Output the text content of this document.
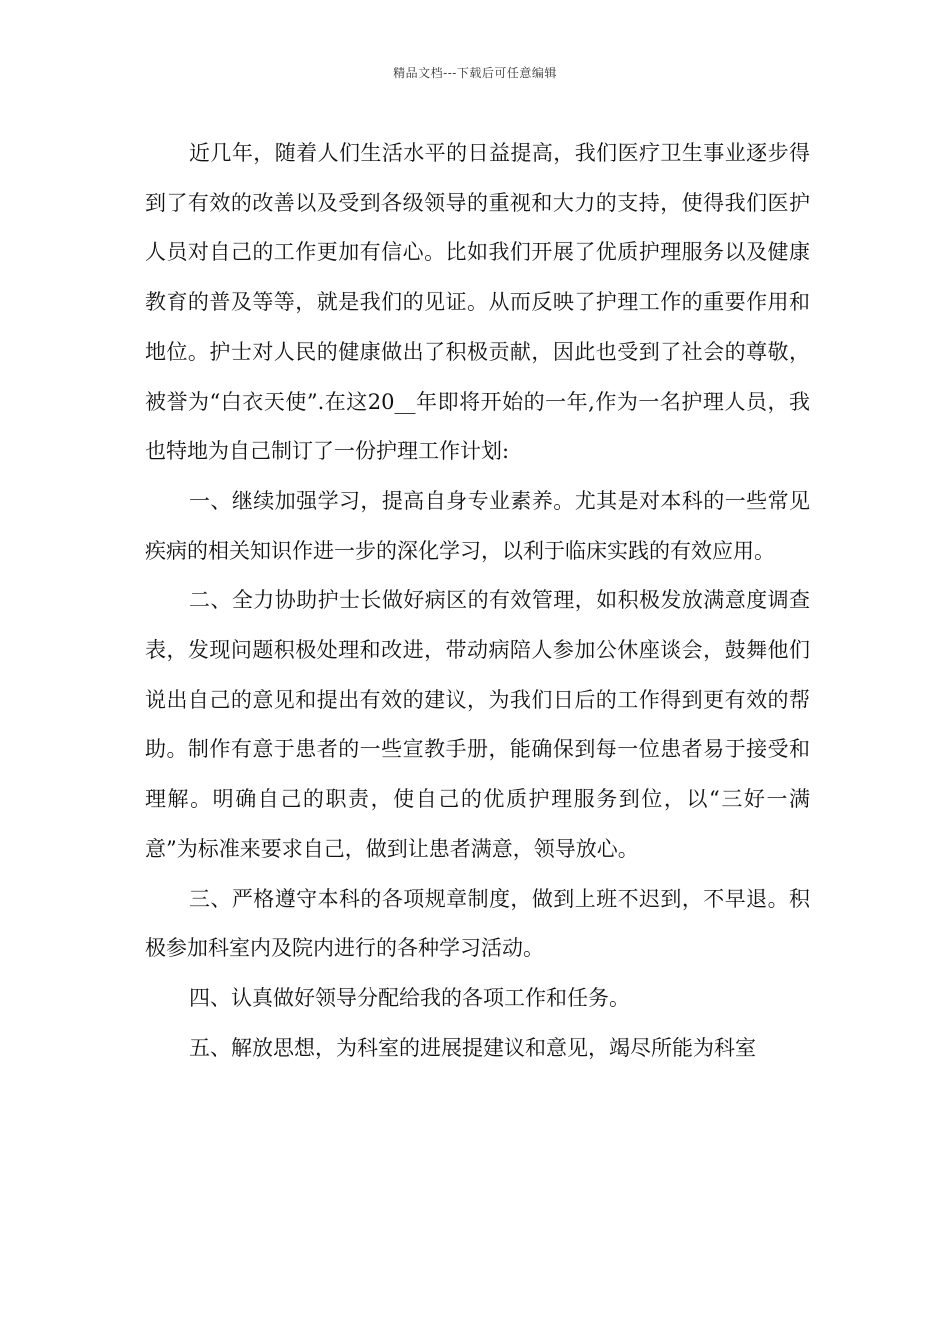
精品文档---下载后可任意编辑

近几年，随着人们生活水平的日益提高，我们医疗卫生事业逐步得到了有效的改善以及受到各级领导的重视和大力的支持，使得我们医护人员对自己的工作更加有信心。比如我们开展了优质护理服务以及健康教育的普及等等，就是我们的见证。从而反映了护理工作的重要作用和地位。护士对人民的健康做出了积极贡献，因此也受到了社会的尊敬，被誉为“白衣天使”.在这20__年即将开始的一年,作为一名护理人员，我也特地为自己制订了一份护理工作计划:

一、继续加强学习，提高自身专业素养。尤其是对本科的一些常见疾病的相关知识作进一步的深化学习，以利于临床实践的有效应用。

二、全力协助护士长做好病区的有效管理，如积极发放满意度调查表，发现问题积极处理和改进，带动病陪人参加公休座谈会，鼓舞他们说出自己的意见和提出有效的建议，为我们日后的工作得到更有效的帮助。制作有意于患者的一些宣教手册，能确保到每一位患者易于接受和理解。明确自己的职责，使自己的优质护理服务到位，以“三好一满意”为标准来要求自己，做到让患者满意，领导放心。

三、严格遵守本科的各项规章制度，做到上班不迟到，不早退。积极参加科室内及院内进行的各种学习活动。

四、认真做好领导分配给我的各项工作和任务。

五、解放思想，为科室的进展提建议和意见，竭尽所能为科室
